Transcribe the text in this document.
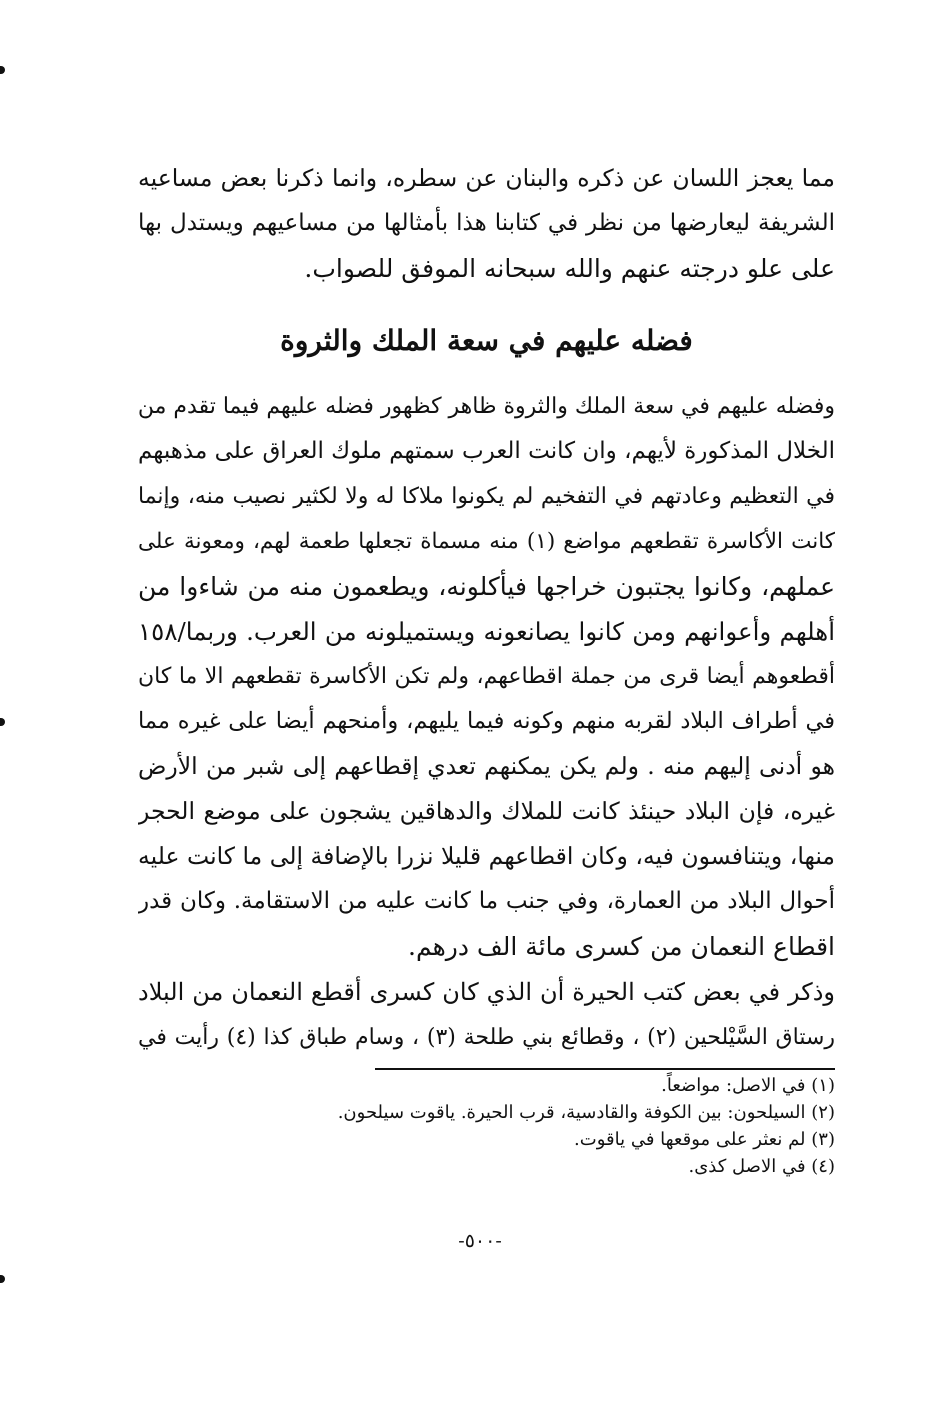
مما يعجز اللسان عن ذكره والبنان عن سطره، وانما ذكرنا بعض مساعيه
الشريفة ليعارضها من نظر في كتابنا هذا بأمثالها من مساعيهم ويستدل بها
على علو درجته عنهم والله سبحانه الموفق للصواب.
فضله عليهم في سعة الملك والثروة
وفضله عليهم في سعة الملك والثروة ظاهر كظهور فضله عليهم فيما تقدم من
الخلال المذكورة لأيهم، وان كانت العرب سمتهم ملوك العراق على مذهبهم
في التعظيم وعادتهم في التفخيم لم يكونوا ملاكا له ولا لكثير نصيب منه، وإنما
كانت الأكاسرة تقطعهم مواضع (١) منه مسماة تجعلها طعمة لهم، ومعونة على
عملهم، وكانوا يجتبون خراجها فيأكلونه، ويطعمون منه من شاءوا من
أهلهم وأعوانهم ومن كانوا يصانعونه ويستميلونه من العرب. وربما/١٥٨
أقطعوهم أيضا قرى من جملة اقطاعهم، ولم تكن الأكاسرة تقطعهم الا ما كان
في أطراف البلاد لقربه منهم وكونه فيما يليهم، وأمنحهم أيضا على غيره مما
هو أدنى إليهم منه . ولم يكن يمكنهم تعدي إقطاعهم إلى شبر من الأرض
غيره، فإن البلاد حينئذ كانت للملاك والدهاقين يشجون على موضع الحجر
منها، ويتنافسون فيه، وكان اقطاعهم قليلا نزرا بالإضافة إلى ما كانت عليه
أحوال البلاد من العمارة، وفي جنب ما كانت عليه من الاستقامة. وكان قدر
اقطاع النعمان من كسرى مائة الف درهم.
وذكر في بعض كتب الحيرة أن الذي كان كسرى أقطع النعمان من البلاد
رستاق السَّيْلحين (٢) ، وقطائع بني طلحة (٣) ، وسام طباق كذا (٤) رأيت في
(١) في الاصل: مواضعاً.
(٢) السيلحون: بين الكوفة والقادسية، قرب الحيرة. ياقوت سيلحون.
(٣) لم نعثر على موقعها في ياقوت.
(٤) في الاصل كذى.
-٥٠٠-
